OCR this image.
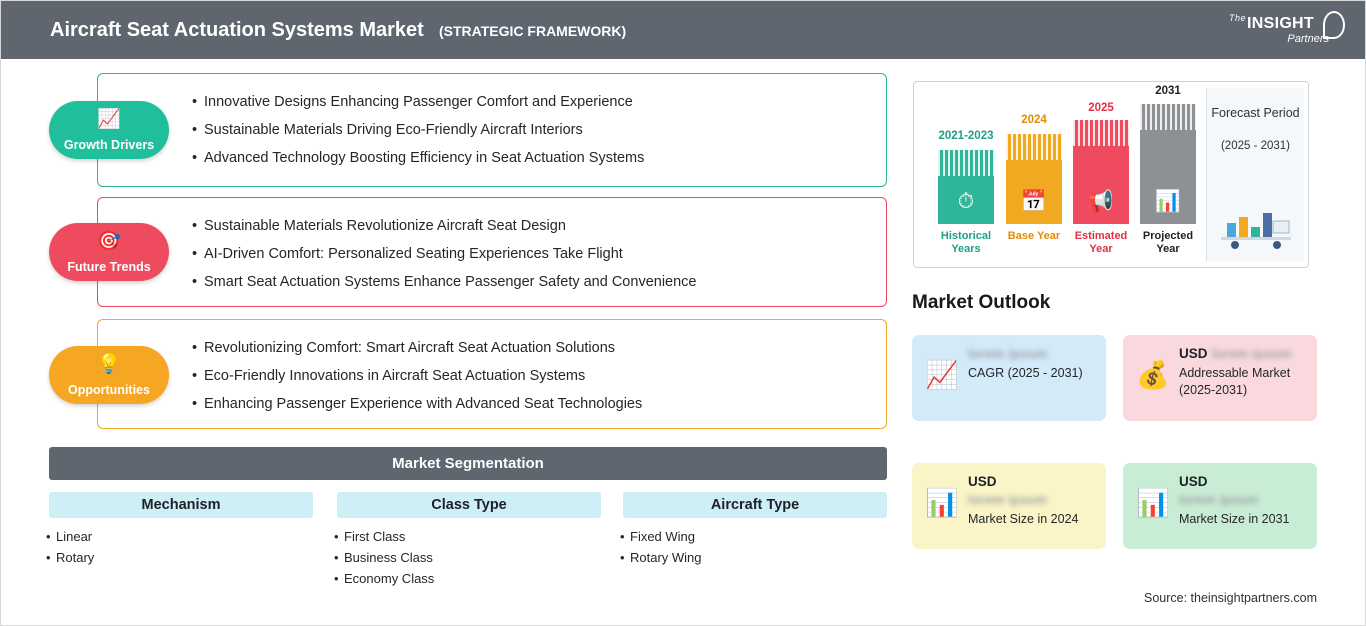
Aircraft Seat Actuation Systems Market (STRATEGIC FRAMEWORK)
The INSIGHT
Partners
• Innovative Designs Enhancing Passenger Comfort and Experience
• Sustainable Materials Driving Eco-Friendly Aircraft Interiors
• Advanced Technology Boosting Efficiency in Seat Actuation Systems
📈
Growth Drivers
• Sustainable Materials Revolutionize Aircraft Seat Design
• AI-Driven Comfort: Personalized Seating Experiences Take Flight
• Smart Seat Actuation Systems Enhance Passenger Safety and Convenience
🎯
Future Trends
• Revolutionizing Comfort: Smart Aircraft Seat Actuation Solutions
• Eco-Friendly Innovations in Aircraft Seat Actuation Systems
• Enhancing Passenger Experience with Advanced Seat Technologies
💡
Opportunities
Market Segmentation
Mechanism
• Linear
• Rotary
Class Type
• First Class
• Business Class
• Economy Class
Aircraft Type
• Fixed Wing
• Rotary Wing
2021-2023
⏱
Historical Years
2024
📅
Base Year
2025
📢
Estimated Year
2031
📊
Projected Year
Forecast Period
(2025 - 2031)
Market Outlook
📈
lorem ipsum
CAGR (2025 - 2031)	💰
USD lorem ipsum
Addressable Market (2025-2031)
📊
USD
lorem ipsum
Market Size in 2024
📊
USD
lorem ipsum
Market Size in 2031
Source: theinsightpartners.com
